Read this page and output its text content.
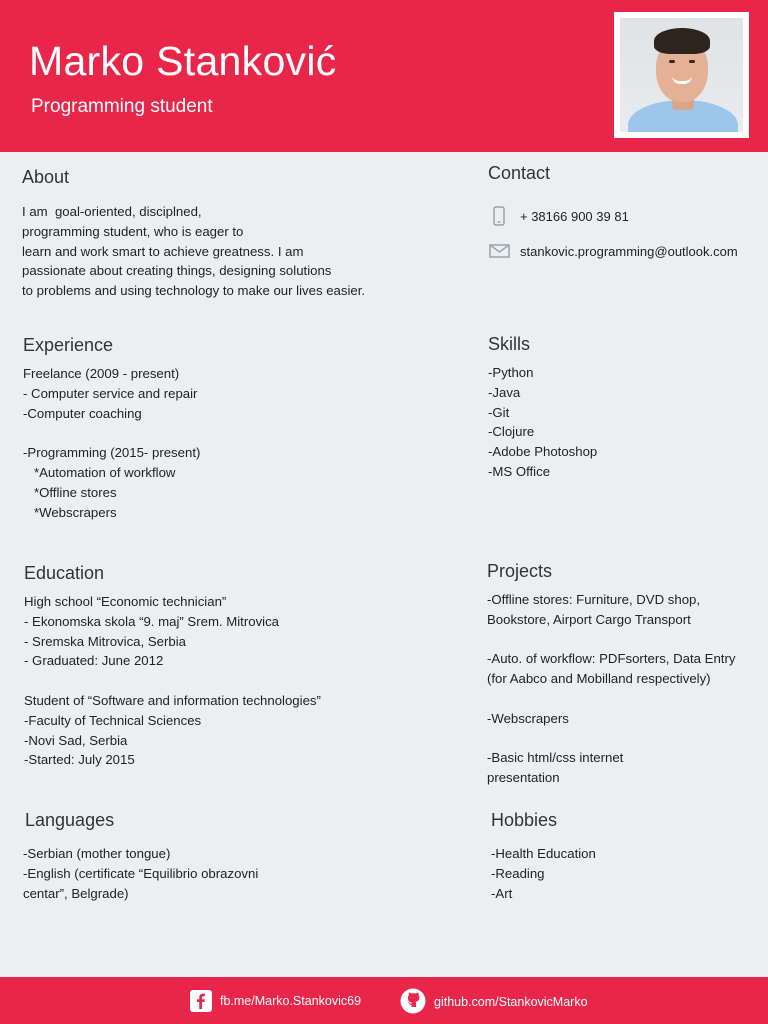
Marko Stanković
Programming student
About
I am  goal-oriented, disciplned,
programming student, who is eager to
learn and work smart to achieve greatness. I am
passionate about creating things, designing solutions
to problems and using technology to make our lives easier.
Contact
+ 38166 900 39 81
stankovic.programming@outlook.com
Experience
Freelance (2009 - present)
- Computer service and repair
-Computer coaching

-Programming (2015- present)
*Automation of workflow
*Offline stores
*Webscrapers
Skills
-Python
-Java
-Git
-Clojure
-Adobe Photoshop
-MS Office
Education
High school “Economic technician”
- Ekonomska skola “9. maj” Srem. Mitrovica
- Sremska Mitrovica, Serbia
- Graduated: June 2012

Student of “Software and information technologies”
-Faculty of Technical Sciences
-Novi Sad, Serbia
-Started: July 2015
Projects
-Offline stores: Furniture, DVD shop,
Bookstore, Airport Cargo Transport

-Auto. of workflow: PDFsorters, Data Entry
(for Aabco and Mobilland respectively)

-Webscrapers

-Basic html/css internet
presentation
Languages
-Serbian (mother tongue)
-English (certificate “Equilibrio obrazovni
centar”, Belgrade)
Hobbies
-Health Education
-Reading
-Art
fb.me/Marko.Stankovic69	github.com/StankovicMarko
